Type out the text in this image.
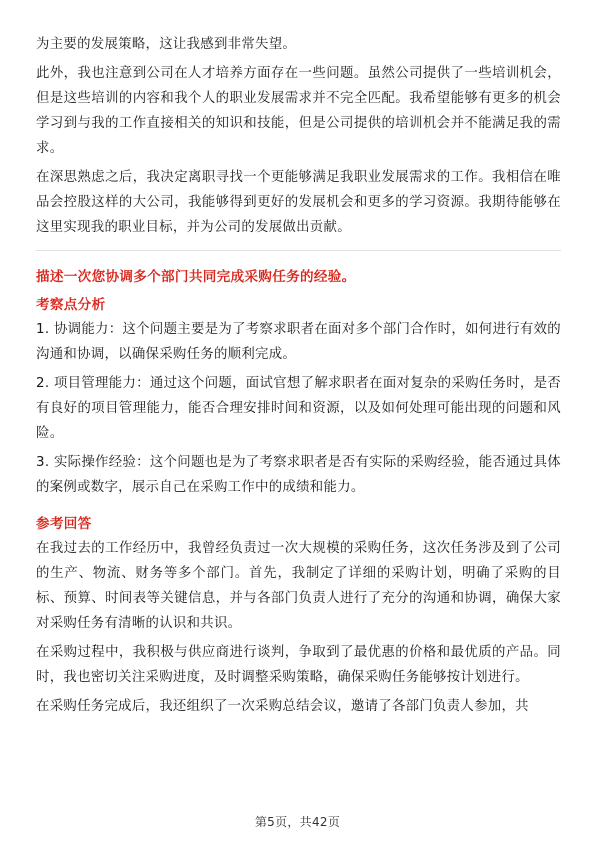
为主要的发展策略，这让我感到非常失望。

此外，我也注意到公司在人才培养方面存在一些问题。虽然公司提供了一些培训机会，但是这些培训的内容和我个人的职业发展需求并不完全匹配。我希望能够有更多的机会学习到与我的工作直接相关的知识和技能，但是公司提供的培训机会并不能满足我的需求。

在深思熟虑之后，我决定离职寻找一个更能够满足我职业发展需求的工作。我相信在唯品会控股这样的大公司，我能够得到更好的发展机会和更多的学习资源。我期待能够在这里实现我的职业目标，并为公司的发展做出贡献。

描述一次您协调多个部门共同完成采购任务的经验。

考察点分析

1. 协调能力：这个问题主要是为了考察求职者在面对多个部门合作时，如何进行有效的沟通和协调，以确保采购任务的顺利完成。

2. 项目管理能力：通过这个问题，面试官想了解求职者在面对复杂的采购任务时，是否有良好的项目管理能力，能否合理安排时间和资源，以及如何处理可能出现的问题和风险。

3. 实际操作经验：这个问题也是为了考察求职者是否有实际的采购经验，能否通过具体的案例或数字，展示自己在采购工作中的成绩和能力。

参考回答

在我过去的工作经历中，我曾经负责过一次大规模的采购任务，这次任务涉及到了公司的生产、物流、财务等多个部门。首先，我制定了详细的采购计划，明确了采购的目标、预算、时间表等关键信息，并与各部门负责人进行了充分的沟通和协调，确保大家对采购任务有清晰的认识和共识。

在采购过程中，我积极与供应商进行谈判，争取到了最优惠的价格和最优质的产品。同时，我也密切关注采购进度，及时调整采购策略，确保采购任务能够按计划进行。

在采购任务完成后，我还组织了一次采购总结会议，邀请了各部门负责人参加，共

第5页，共42页
